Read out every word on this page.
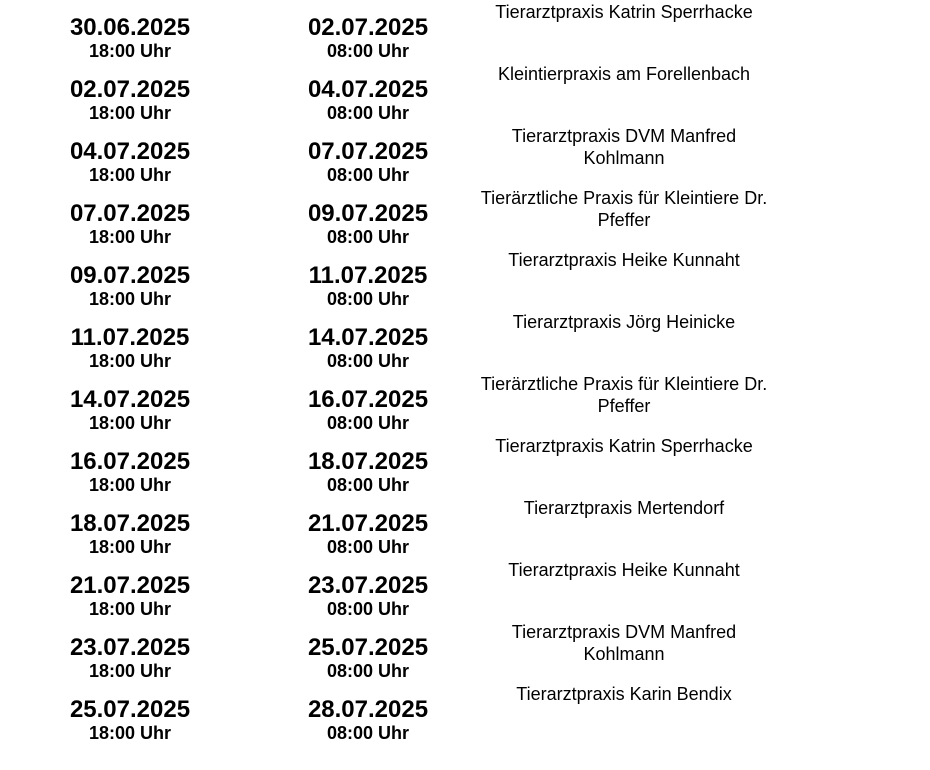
30.06.2025
18:00 Uhr
02.07.2025
08:00 Uhr
Tierarztpraxis Katrin Sperrhacke
02.07.2025
18:00 Uhr
04.07.2025
08:00 Uhr
Kleintierpraxis am Forellenbach
04.07.2025
18:00 Uhr
07.07.2025
08:00 Uhr
Tierarztpraxis DVM Manfred Kohlmann
07.07.2025
18:00 Uhr
09.07.2025
08:00 Uhr
Tierärztliche Praxis für Kleintiere Dr. Pfeffer
09.07.2025
18:00 Uhr
11.07.2025
08:00 Uhr
Tierarztpraxis Heike Kunnaht
11.07.2025
18:00 Uhr
14.07.2025
08:00 Uhr
Tierarztpraxis Jörg Heinicke
14.07.2025
18:00 Uhr
16.07.2025
08:00 Uhr
Tierärztliche Praxis für Kleintiere Dr. Pfeffer
16.07.2025
18:00 Uhr
18.07.2025
08:00 Uhr
Tierarztpraxis Katrin Sperrhacke
18.07.2025
18:00 Uhr
21.07.2025
08:00 Uhr
Tierarztpraxis Mertendorf
21.07.2025
18:00 Uhr
23.07.2025
08:00 Uhr
Tierarztpraxis Heike Kunnaht
23.07.2025
18:00 Uhr
25.07.2025
08:00 Uhr
Tierarztpraxis DVM Manfred Kohlmann
25.07.2025
18:00 Uhr
28.07.2025
08:00 Uhr
Tierarztpraxis Karin Bendix
